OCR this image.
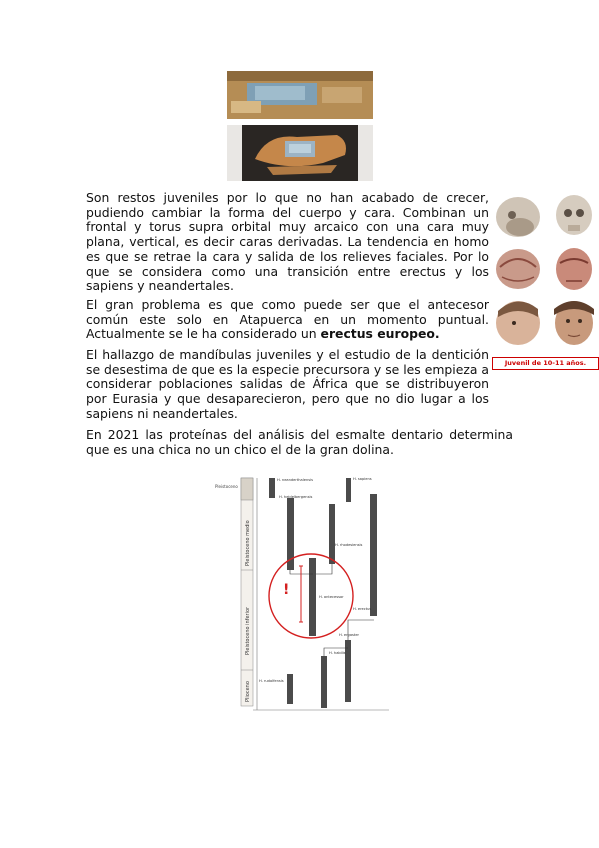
Son restos juveniles por lo que no han acabado de crecer, pudiendo cambiar la forma del cuerpo y cara. Combinan un frontal y torus supra orbital muy arcaico con una cara muy plana, vertical, es decir caras derivadas. La tendencia en homo es que se retrae la cara y salida de los relieves faciales. Por lo que se considera como una transición entre erectus y los sapiens y neandertales.

Juvenil de 10-11 años.

El gran problema es que como puede ser que el antecesor común este solo en Atapuerca en un momento puntual. Actualmente se le ha considerado un erectus europeo.

El hallazgo de mandíbulas juveniles y el estudio de la dentición se desestima de que es la especie precursora y se les empieza a considerar poblaciones salidas de África que se distribuyeron por Eurasia y que desaparecieron, pero que no dio lugar a los sapiens ni neandertales.

En 2021 las proteínas del análisis del esmalte dentario determina que es una chica no un chico el de la gran dolina.

Pleistoceno medio
Pleistoceno inferior
Plioceno
Pleistoceno
H. neanderthalensis
H. heidelbergensis
H. sapiens
H. rhodesiensis
H. antecessor
H. erectus
H. ergaster
H. habilis
H. rudolfensis
!
